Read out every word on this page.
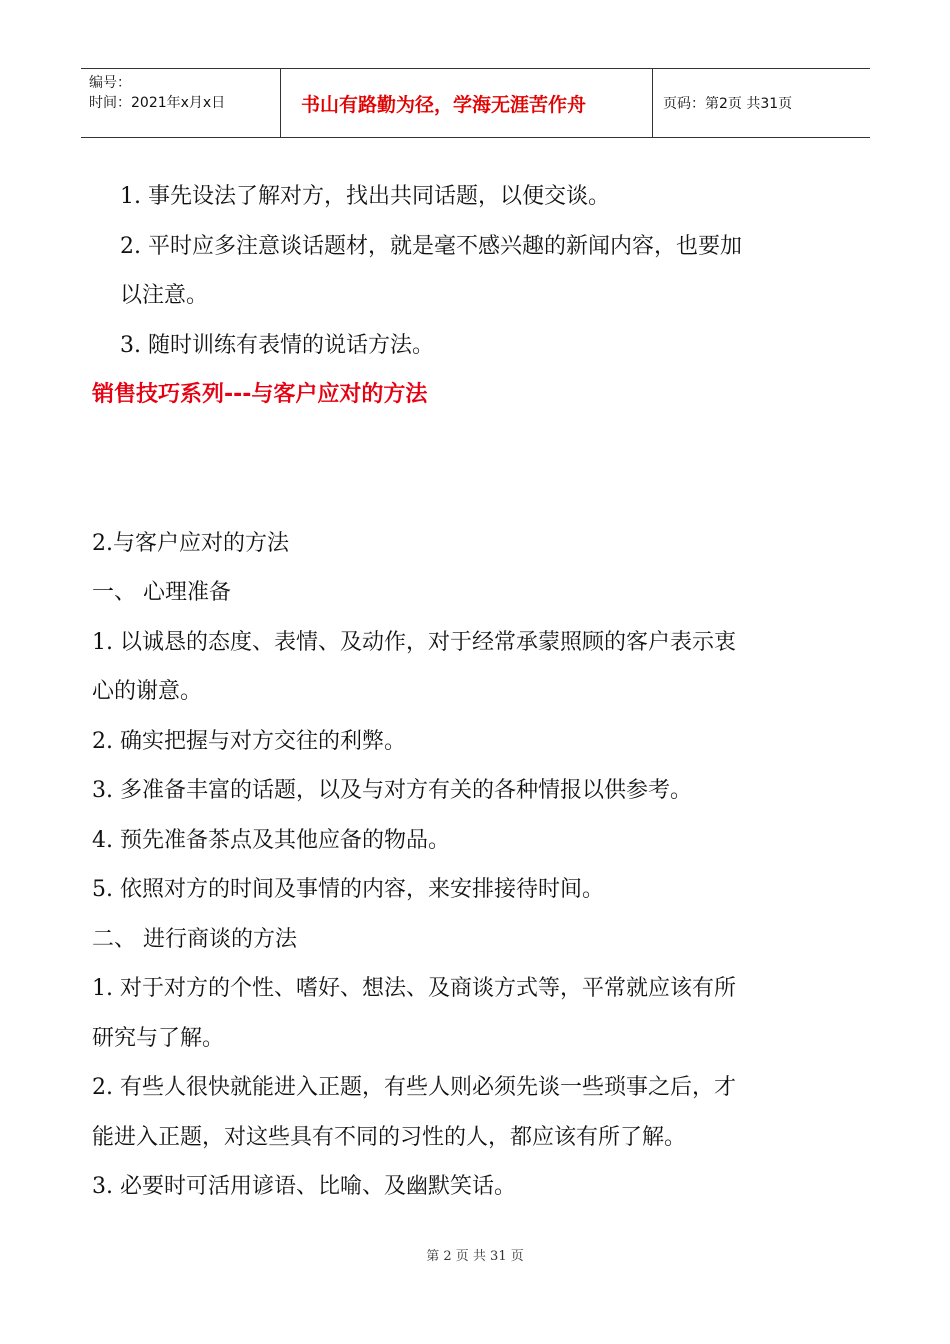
编号：
时间：2021年x月x日	书山有路勤为径，学海无涯苦作舟	页码：第2页 共31页
1. 事先设法了解对方，找出共同话题，以便交谈。
2. 平时应多注意谈话题材，就是毫不感兴趣的新闻内容，也要加
以注意。
3. 随时训练有表情的说话方法。
销售技巧系列---与客户应对的方法
2.与客户应对的方法
一、 心理准备
1. 以诚恳的态度、表情、及动作，对于经常承蒙照顾的客户表示衷
心的谢意。
2. 确实把握与对方交往的利弊。
3. 多准备丰富的话题，以及与对方有关的各种情报以供参考。
4. 预先准备茶点及其他应备的物品。
5. 依照对方的时间及事情的内容，来安排接待时间。
二、 进行商谈的方法
1. 对于对方的个性、嗜好、想法、及商谈方式等，平常就应该有所
研究与了解。
2. 有些人很快就能进入正题，有些人则必须先谈一些琐事之后，才
能进入正题，对这些具有不同的习性的人，都应该有所了解。
3. 必要时可活用谚语、比喻、及幽默笑话。
第 2 页 共 31 页
